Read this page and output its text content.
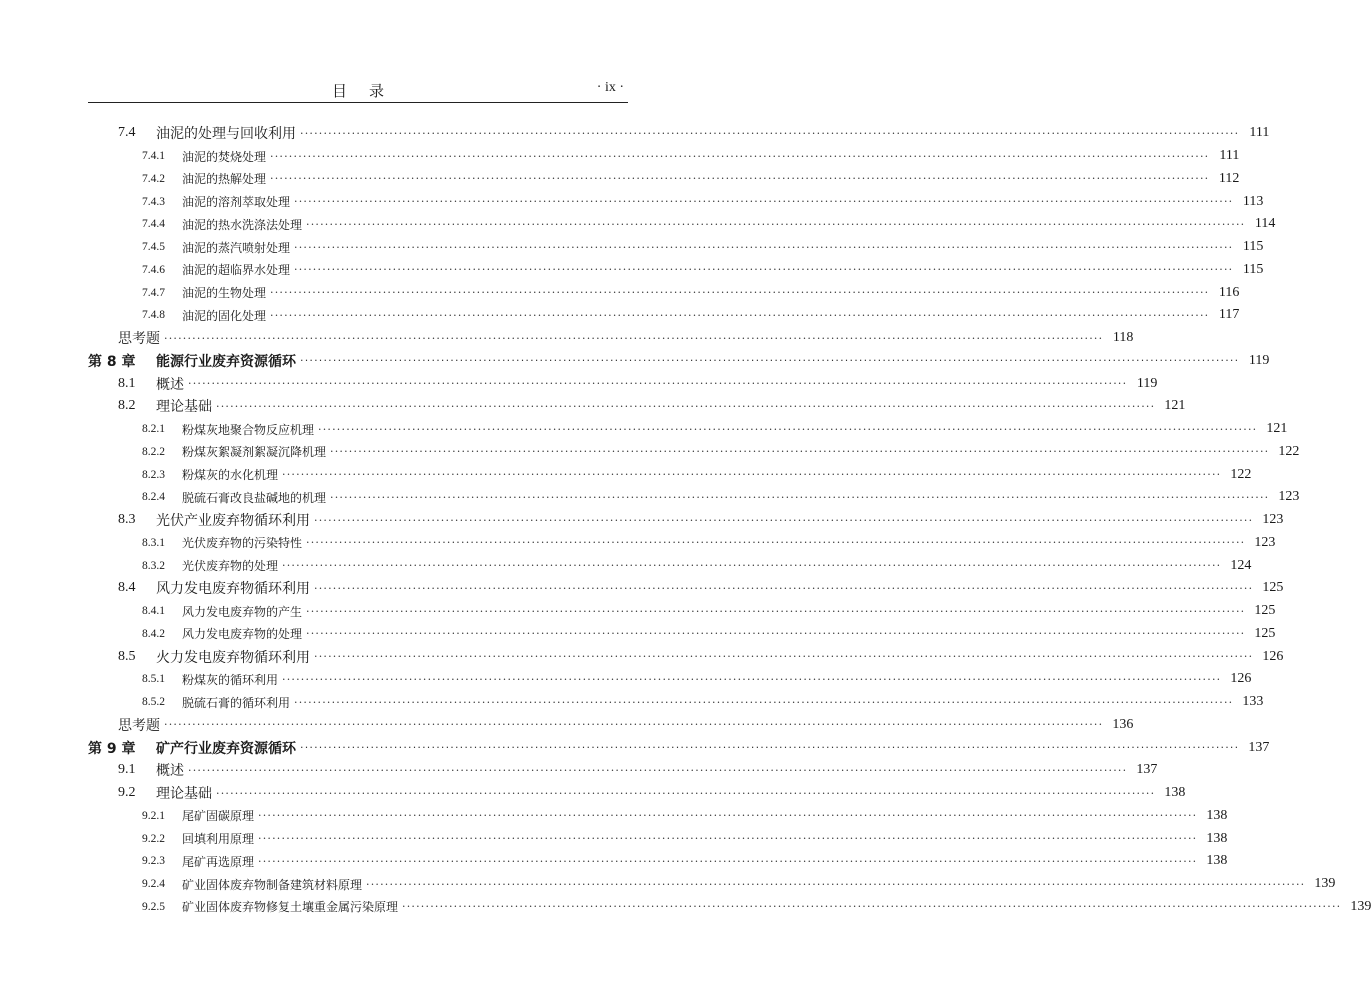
目录	· ix ·
7.4	油泥的处理与回收利用 ········································································································································································································ 111
7.4.1	油泥的焚烧处理 ········································································································································································································ 111
7.4.2	油泥的热解处理 ········································································································································································································ 112
7.4.3	油泥的溶剂萃取处理 ········································································································································································································ 113
7.4.4	油泥的热水洗涤法处理 ········································································································································································································ 114
7.4.5	油泥的蒸汽喷射处理 ········································································································································································································ 115
7.4.6	油泥的超临界水处理 ········································································································································································································ 115
7.4.7	油泥的生物处理 ········································································································································································································ 116
7.4.8	油泥的固化处理 ········································································································································································································ 117
思考题 ········································································································································································································ 118
第 8 章	能源行业废弃资源循环 ········································································································································································································ 119
8.1	概述 ········································································································································································································ 119
8.2	理论基础 ········································································································································································································ 121
8.2.1	粉煤灰地聚合物反应机理 ········································································································································································································ 121
8.2.2	粉煤灰絮凝剂絮凝沉降机理 ········································································································································································································ 122
8.2.3	粉煤灰的水化机理 ········································································································································································································ 122
8.2.4	脱硫石膏改良盐碱地的机理 ········································································································································································································ 123
8.3	光伏产业废弃物循环利用 ········································································································································································································ 123
8.3.1	光伏废弃物的污染特性 ········································································································································································································ 123
8.3.2	光伏废弃物的处理 ········································································································································································································ 124
8.4	风力发电废弃物循环利用 ········································································································································································································ 125
8.4.1	风力发电废弃物的产生 ········································································································································································································ 125
8.4.2	风力发电废弃物的处理 ········································································································································································································ 125
8.5	火力发电废弃物循环利用 ········································································································································································································ 126
8.5.1	粉煤灰的循环利用 ········································································································································································································ 126
8.5.2	脱硫石膏的循环利用 ········································································································································································································ 133
思考题 ········································································································································································································ 136
第 9 章	矿产行业废弃资源循环 ········································································································································································································ 137
9.1	概述 ········································································································································································································ 137
9.2	理论基础 ········································································································································································································ 138
9.2.1	尾矿固碳原理 ········································································································································································································ 138
9.2.2	回填利用原理 ········································································································································································································ 138
9.2.3	尾矿再选原理 ········································································································································································································ 138
9.2.4	矿业固体废弃物制备建筑材料原理 ········································································································································································································ 139
9.2.5	矿业固体废弃物修复土壤重金属污染原理 ········································································································································································································ 139
